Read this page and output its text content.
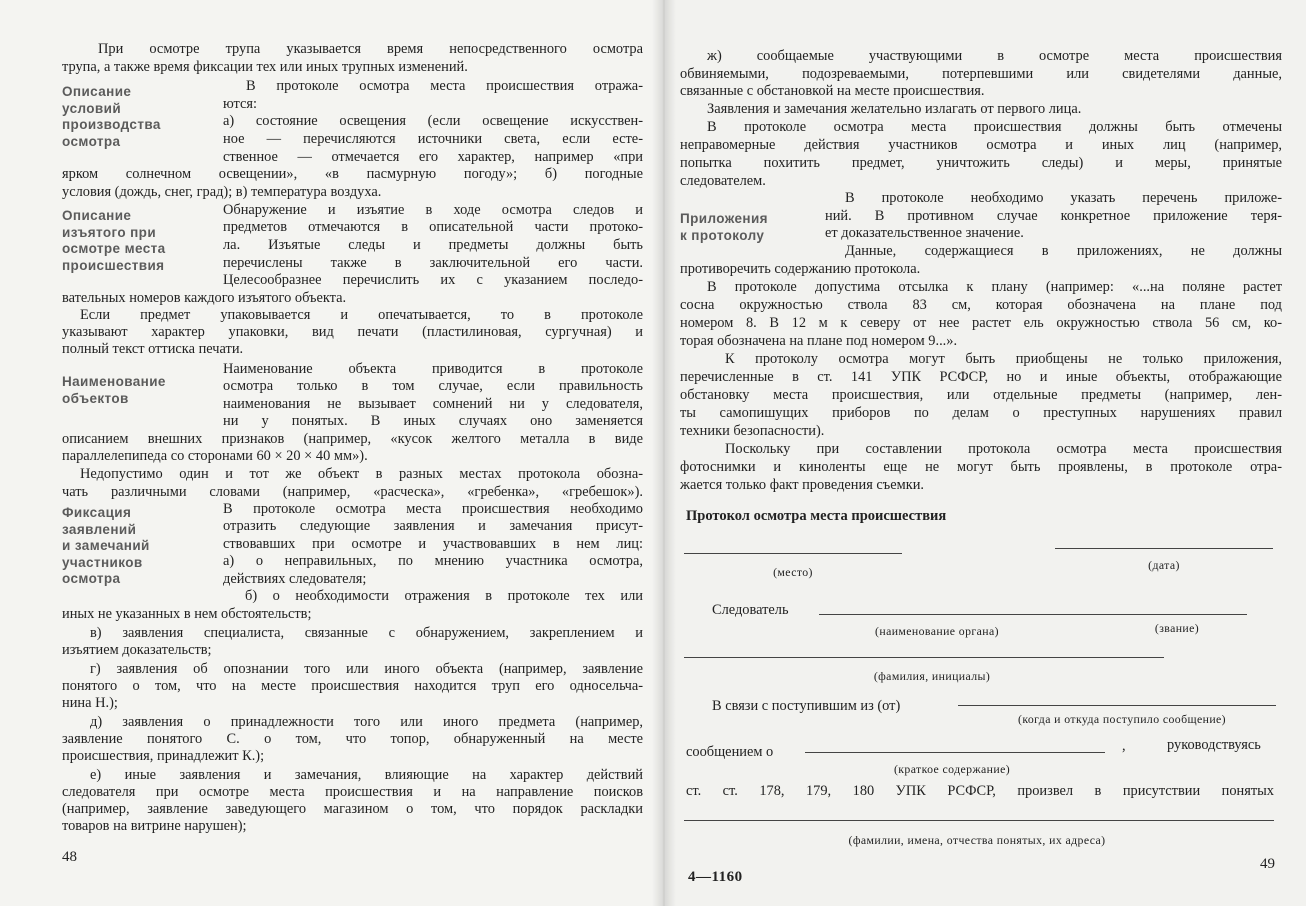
При осмотре трупа указывается время непосредственного осмотра
трупа, а также время фиксации тех или иных трупных изменений.
Описание
условий
производства
осмотра
В протоколе осмотра места происшествия отража-
ются:
а) состояние освещения (если освещение искусствен-
ное — перечисляются источники света, если есте-
ственное — отмечается его характер, например «при
ярком солнечном освещении», «в пасмурную погоду»; б) погодные
условия (дождь, снег, град); в) температура воздуха.
Описание
изъятого при
осмотре места
происшествия
Обнаружение и изъятие в ходе осмотра следов и
предметов отмечаются в описательной части протоко-
ла. Изъятые следы и предметы должны быть
перечислены также в заключительной его части.
Целесообразнее перечислить их с указанием последо-
вательных номеров каждого изъятого объекта.
Если предмет упаковывается и опечатывается, то в протоколе
указывают характер упаковки, вид печати (пластилиновая, сургучная) и
полный текст оттиска печати.
Наименование
объектов
Наименование объекта приводится в протоколе
осмотра только в том случае, если правильность
наименования не вызывает сомнений ни у следователя,
ни у понятых. В иных случаях оно заменяется
описанием внешних признаков (например, «кусок желтого металла в виде
параллелепипеда со сторонами 60 × 20 × 40 мм»).
Недопустимо один и тот же объект в разных местах протокола обозна-
чать различными словами (например, «расческа», «гребенка», «гребешок»).
Фиксация
заявлений
и замечаний
участников
осмотра
В протоколе осмотра места происшествия необходимо
отразить следующие заявления и замечания присут-
ствовавших при осмотре и участвовавших в нем лиц:
а) о неправильных, по мнению участника осмотра,
действиях следователя;
б) о необходимости отражения в протоколе тех или
иных не указанных в нем обстоятельств;
в) заявления специалиста, связанные с обнаружением, закреплением и
изъятием доказательств;
г) заявления об опознании того или иного объекта (например, заявление
понятого о том, что на месте происшествия находится труп его односельча-
нина Н.);
д) заявления о принадлежности того или иного предмета (например,
заявление понятого С. о том, что топор, обнаруженный на месте
происшествия, принадлежит К.);
е) иные заявления и замечания, влияющие на характер действий
следователя при осмотре места происшествия и на направление поисков
(например, заявление заведующего магазином о том, что порядок раскладки
товаров на витрине нарушен);
48
ж) сообщаемые участвующими в осмотре места происшествия
обвиняемыми, подозреваемыми, потерпевшими или свидетелями данные,
связанные с обстановкой на месте происшествия.
Заявления и замечания желательно излагать от первого лица.
В протоколе осмотра места происшествия должны быть отмечены
неправомерные действия участников осмотра и иных лиц (например,
попытка похитить предмет, уничтожить следы) и меры, принятые
следователем.
Приложения
к протоколу
В протоколе необходимо указать перечень приложе-
ний. В противном случае конкретное приложение теря-
ет доказательственное значение.
Данные, содержащиеся в приложениях, не должны
противоречить содержанию протокола.
В протоколе допустима отсылка к плану (например: «...на поляне растет
сосна окружностью ствола 83 см, которая обозначена на плане под
номером 8. В 12 м к северу от нее растет ель окружностью ствола 56 см, ко-
торая обозначена на плане под номером 9...».
К протоколу осмотра могут быть приобщены не только приложения,
перечисленные в ст. 141 УПК РСФСР, но и иные объекты, отображающие
обстановку места происшествия, или отдельные предметы (например, лен-
ты самопишущих приборов по делам о преступных нарушениях правил
техники безопасности).
Поскольку при составлении протокола осмотра места происшествия
фотоснимки и киноленты еще не могут быть проявлены, в протоколе отра-
жается только факт проведения съемки.
Протокол осмотра места происшествия
(место)	(дата)
Следователь
(наименование органа)	(звание)
(фамилия, инициалы)
В связи с поступившим из (от)
(когда и откуда поступило сообщение)
сообщением о	,	руководствуясь
(краткое содержание)
ст. ст. 178, 179, 180 УПК РСФСР, произвел в присутствии понятых
(фамилии, имена, отчества понятых, их адреса)
4—1160
49
